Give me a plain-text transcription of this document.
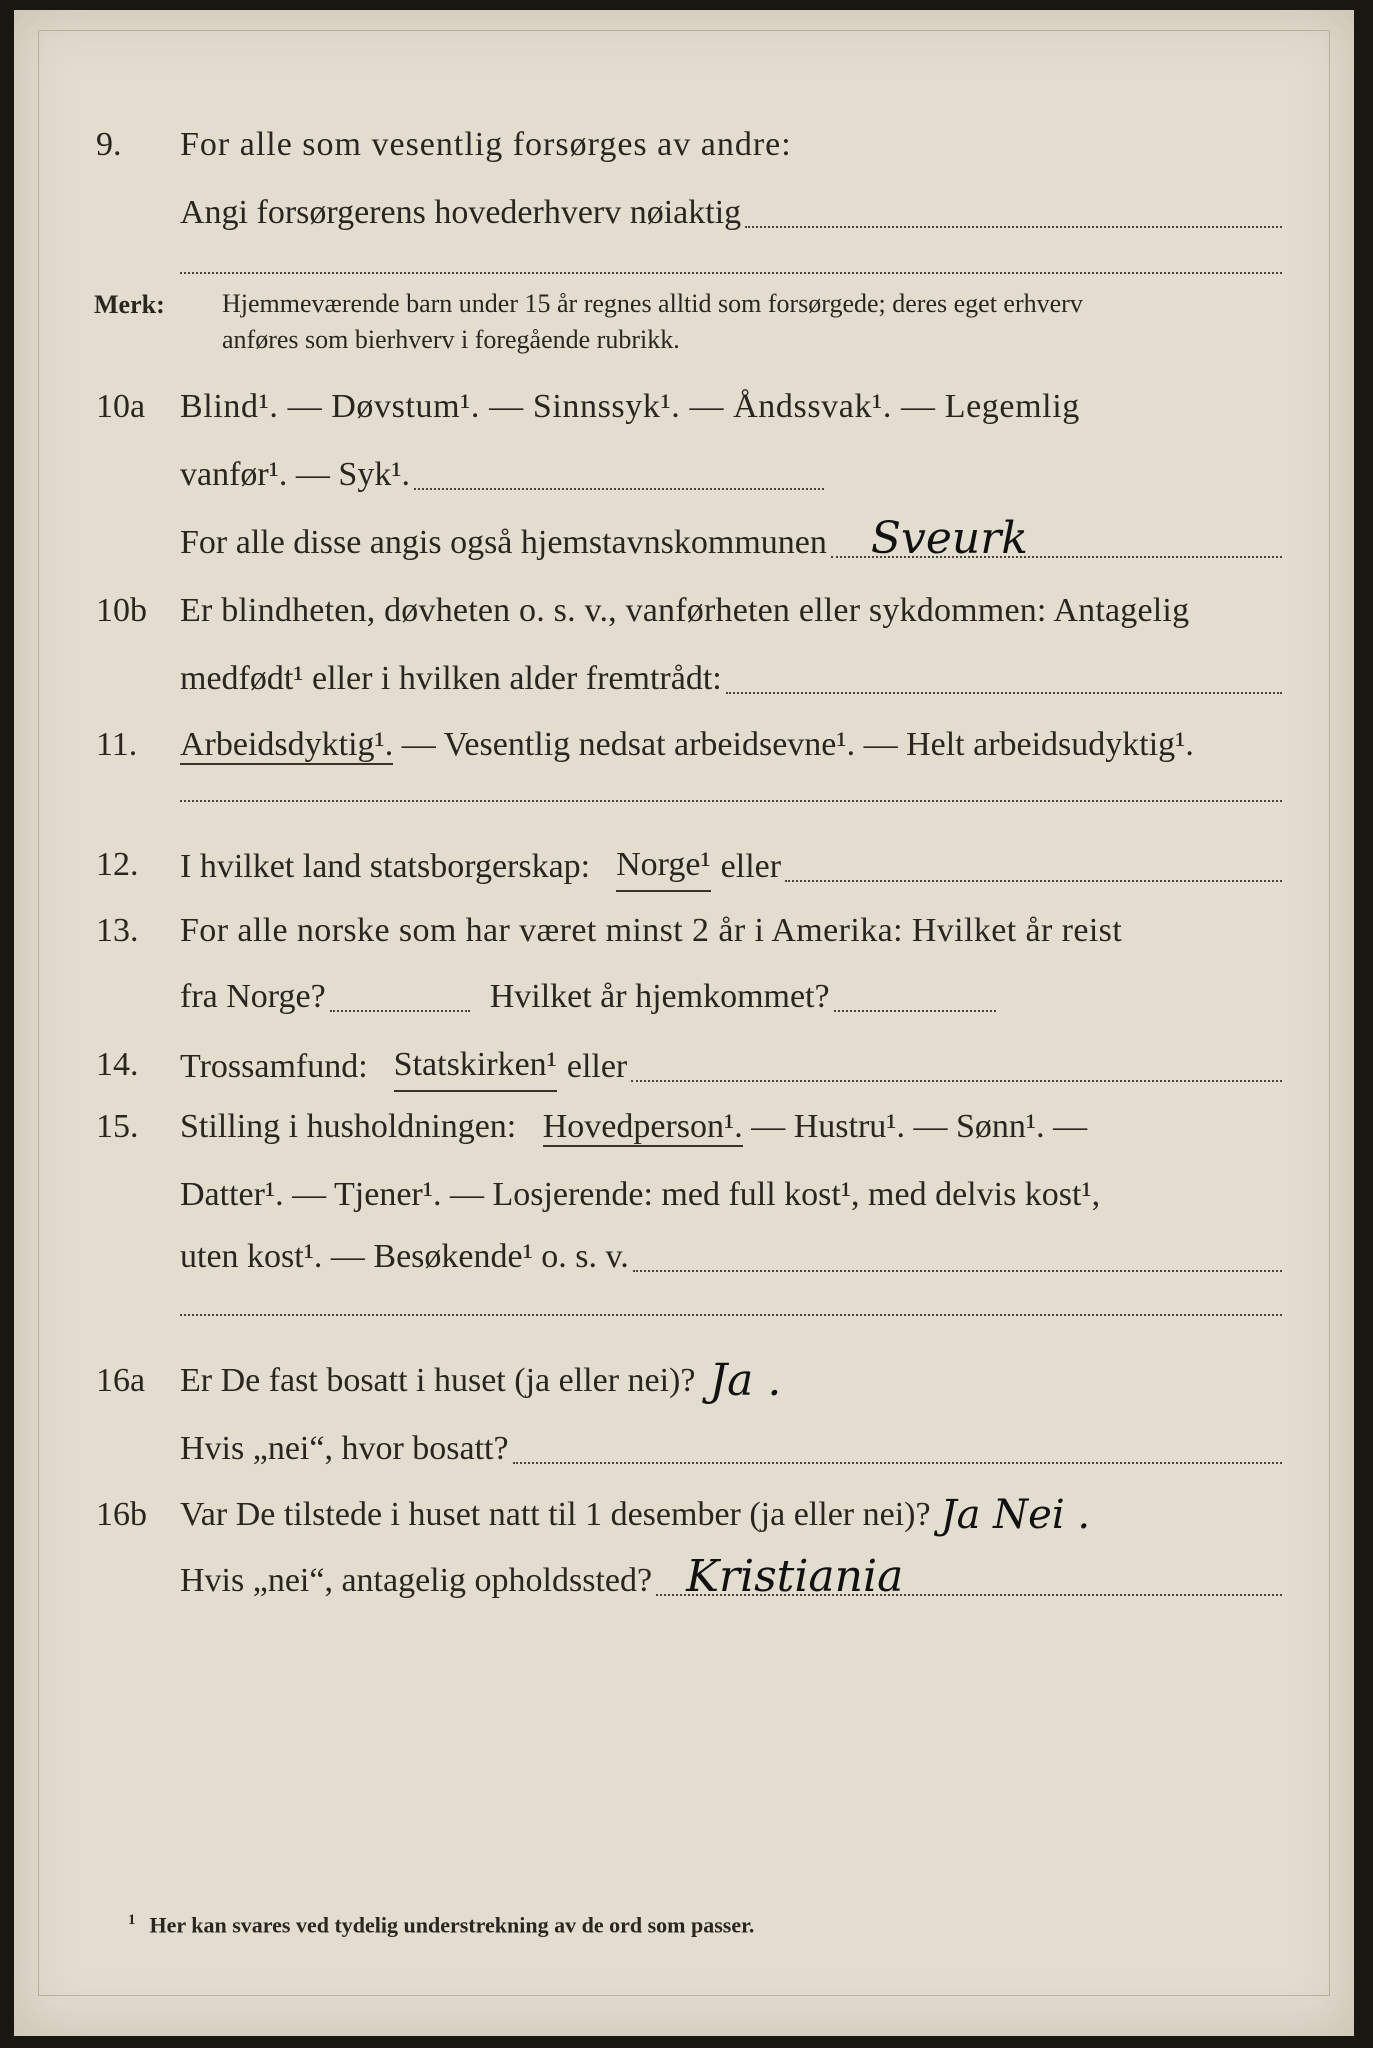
9. For alle som vesentlig forsørges av andre:
Angi forsørgerens hovederhverv nøiaktig
Merk: Hjemmeværende barn under 15 år regnes alltid som forsørgede; deres eget erhverv
anføres som bierhverv i foregående rubrikk.
10a Blind¹. — Døvstum¹. — Sinnssyk¹. — Åndssvak¹. — Legemlig
vanfør¹. — Syk¹.
For alle disse angis også hjemstavnskommunen Sveurk
10b Er blindheten, døvheten o. s. v., vanførheten eller sykdommen: Antagelig
medfødt¹ eller i hvilken alder fremtrådt:
11. Arbeidsdyktig¹. — Vesentlig nedsat arbeidsevne¹. — Helt arbeidsudyktig¹.
12. I hvilket land statsborgerskap: Norge¹ eller
13. For alle norske som har været minst 2 år i Amerika: Hvilket år reist
fra Norge?	Hvilket år hjemkommet?
14. Trossamfund: Statskirken¹ eller
15. Stilling i husholdningen: Hovedperson¹. — Hustru¹. — Sønn¹. —
Datter¹. — Tjener¹. — Losjerende: med full kost¹, med delvis kost¹,
uten kost¹. — Besøkende¹ o. s. v.
16a Er De fast bosatt i huset (ja eller nei)? Ja .
Hvis „nei“, hvor bosatt?
16b Var De tilstede i huset natt til 1 desember (ja eller nei)? Ja Nei .
Hvis „nei“, antagelig opholdssted? Kristiania
$^1$ Her kan svares ved tydelig understrekning av de ord som passer.
